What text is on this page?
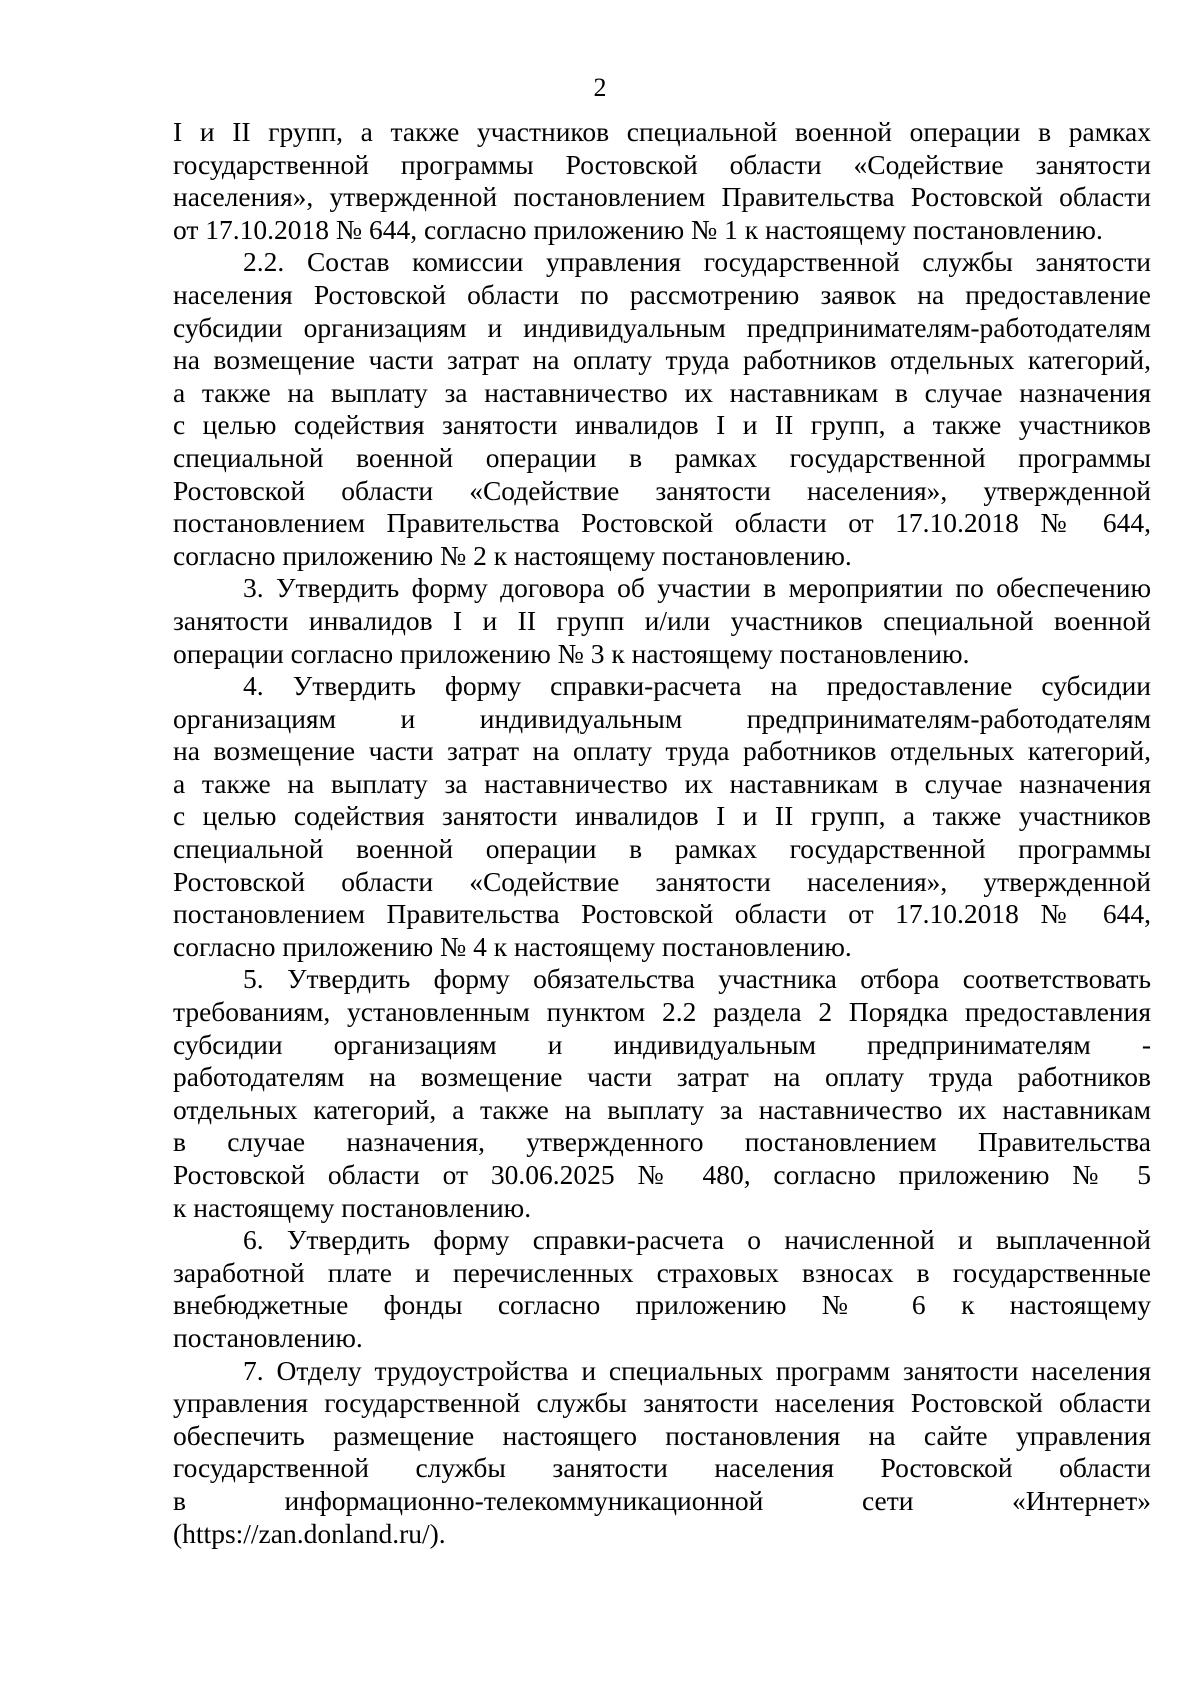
2
I и II групп, а также участников специальной военной операции в рамках
государственной программы Ростовской области «Содействие занятости
населения», утвержденной постановлением Правительства Ростовской области
от 17.10.2018 № 644, согласно приложению № 1 к настоящему постановлению.
2.2. Состав комиссии управления государственной службы занятости
населения Ростовской области по рассмотрению заявок на предоставление
субсидии организациям и индивидуальным предпринимателям-работодателям
на возмещение части затрат на оплату труда работников отдельных категорий,
а также на выплату за наставничество их наставникам в случае назначения
с целью содействия занятости инвалидов I и II групп, а также участников
специальной военной операции в рамках государственной программы
Ростовской области «Содействие занятости населения», утвержденной
постановлением Правительства Ростовской области от 17.10.2018 № 644,
согласно приложению № 2 к настоящему постановлению.
3. Утвердить форму договора об участии в мероприятии по обеспечению
занятости инвалидов I и II групп и/или участников специальной военной
операции согласно приложению № 3 к настоящему постановлению.
4. Утвердить форму справки-расчета на предоставление субсидии
организациям и индивидуальным предпринимателям-работодателям
на возмещение части затрат на оплату труда работников отдельных категорий,
а также на выплату за наставничество их наставникам в случае назначения
с целью содействия занятости инвалидов I и II групп, а также участников
специальной военной операции в рамках государственной программы
Ростовской области «Содействие занятости населения», утвержденной
постановлением Правительства Ростовской области от 17.10.2018 № 644,
согласно приложению № 4 к настоящему постановлению.
5. Утвердить форму обязательства участника отбора соответствовать
требованиям, установленным пунктом 2.2 раздела 2 Порядка предоставления
субсидии организациям и индивидуальным предпринимателям -
работодателям на возмещение части затрат на оплату труда работников
отдельных категорий, а также на выплату за наставничество их наставникам
в случае назначения, утвержденного постановлением Правительства
Ростовской области от 30.06.2025 № 480, согласно приложению № 5
к настоящему постановлению.
6. Утвердить форму справки-расчета о начисленной и выплаченной
заработной плате и перечисленных страховых взносах в государственные
внебюджетные фонды согласно приложению № 6 к настоящему
постановлению.
7. Отделу трудоустройства и специальных программ занятости населения
управления государственной службы занятости населения Ростовской области
обеспечить размещение настоящего постановления на сайте управления
государственной службы занятости населения Ростовской области
в информационно-телекоммуникационной сети «Интернет»
(https://zan.donland.ru/).
